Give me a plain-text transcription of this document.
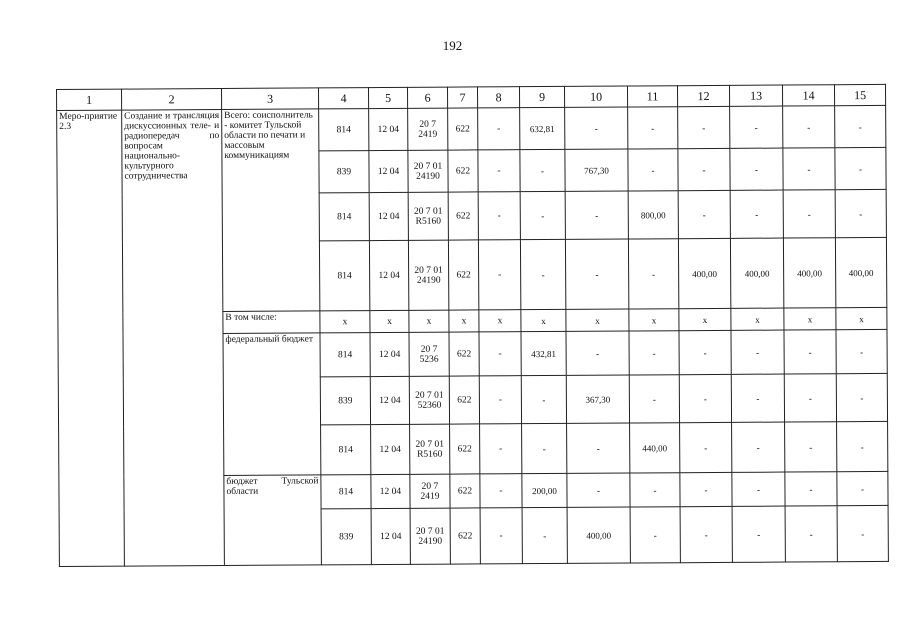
192
1	2	3	4	5	6	7	8	9	10	11	12	13	14	15
Меро-приятие 2.3	Создание и трансляция дискуссионных теле- и радиопередач по вопросам национально-культурного сотрудничества	Всего: соисполнитель - комитет Тульской области по печати и массовым коммуникациям	814	12 04	20 7 2419	622	-	632,81	-	-	-	-	-	-
			839	12 04	20 7 01 24190	622	-	-	767,30	-	-	-	-	-
			814	12 04	20 7 01 R5160	622	-	-	-	800,00	-	-	-	-
			814	12 04	20 7 01 24190	622	-	-	-	-	400,00	400,00	400,00	400,00
		В том числе:	x	x	x	x	x	x	x	x	x	x	x	x
		федеральный бюджет	814	12 04	20 7 5236	622	-	432,81	-	-	-	-	-	-
			839	12 04	20 7 01 52360	622	-	-	367,30	-	-	-	-	-
			814	12 04	20 7 01 R5160	622	-	-	-	440,00	-	-	-	-
		бюджет Тульской области	814	12 04	20 7 2419	622	-	200,00	-	-	-	-	-	-
			839	12 04	20 7 01 24190	622	-	-	400,00	-	-	-	-	-
